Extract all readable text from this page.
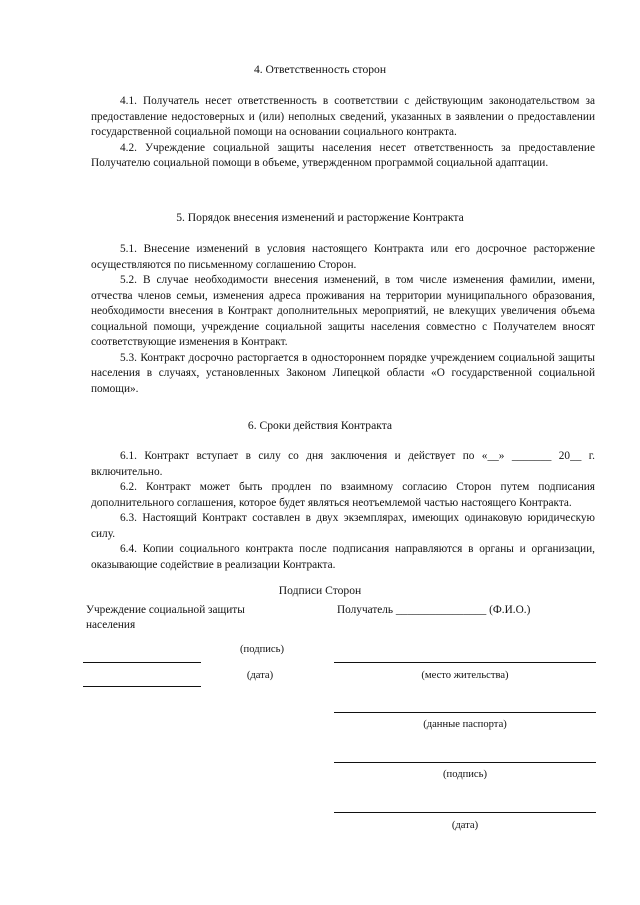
4. Ответственность сторон

4.1. Получатель несет ответственность в соответствии с действующим законодательством за предоставление недостоверных и (или) неполных сведений, указанных в заявлении о предоставлении государственной социальной помощи на основании социального контракта.

4.2. Учреждение социальной защиты населения несет ответственность за предоставление Получателю социальной помощи в объеме, утвержденном программой социальной адаптации.

5. Порядок внесения изменений и расторжение Контракта

5.1. Внесение изменений в условия настоящего Контракта или его досрочное расторжение осуществляются по письменному соглашению Сторон.

5.2. В случае необходимости внесения изменений, в том числе изменения фамилии, имени, отчества членов семьи, изменения адреса проживания на территории муниципального образования, необходимости внесения в Контракт дополнительных мероприятий, не влекущих увеличения объема социальной помощи, учреждение социальной защиты населения совместно с Получателем вносят соответствующие изменения в Контракт.

5.3. Контракт досрочно расторгается в одностороннем порядке учреждением социальной защиты населения в случаях, установленных Законом Липецкой области «О государственной социальной помощи».

6. Сроки действия Контракта

6.1. Контракт вступает в силу со дня заключения и действует по «__» _______ 20__ г. включительно.

6.2. Контракт может быть продлен по взаимному согласию Сторон путем подписания дополнительного соглашения, которое будет являться неотъемлемой частью настоящего Контракта.

6.3. Настоящий Контракт составлен в двух экземплярах, имеющих одинаковую юридическую силу.

6.4. Копии социального контракта после подписания направляются в органы и организации, оказывающие содействие в реализации Контракта.

Подписи Сторон
Учреждение социальной защиты населения
Получатель ________________ (Ф.И.О.)
(подпись)
(дата)	(место жительства)
(данные паспорта)
(подпись)
(дата)
